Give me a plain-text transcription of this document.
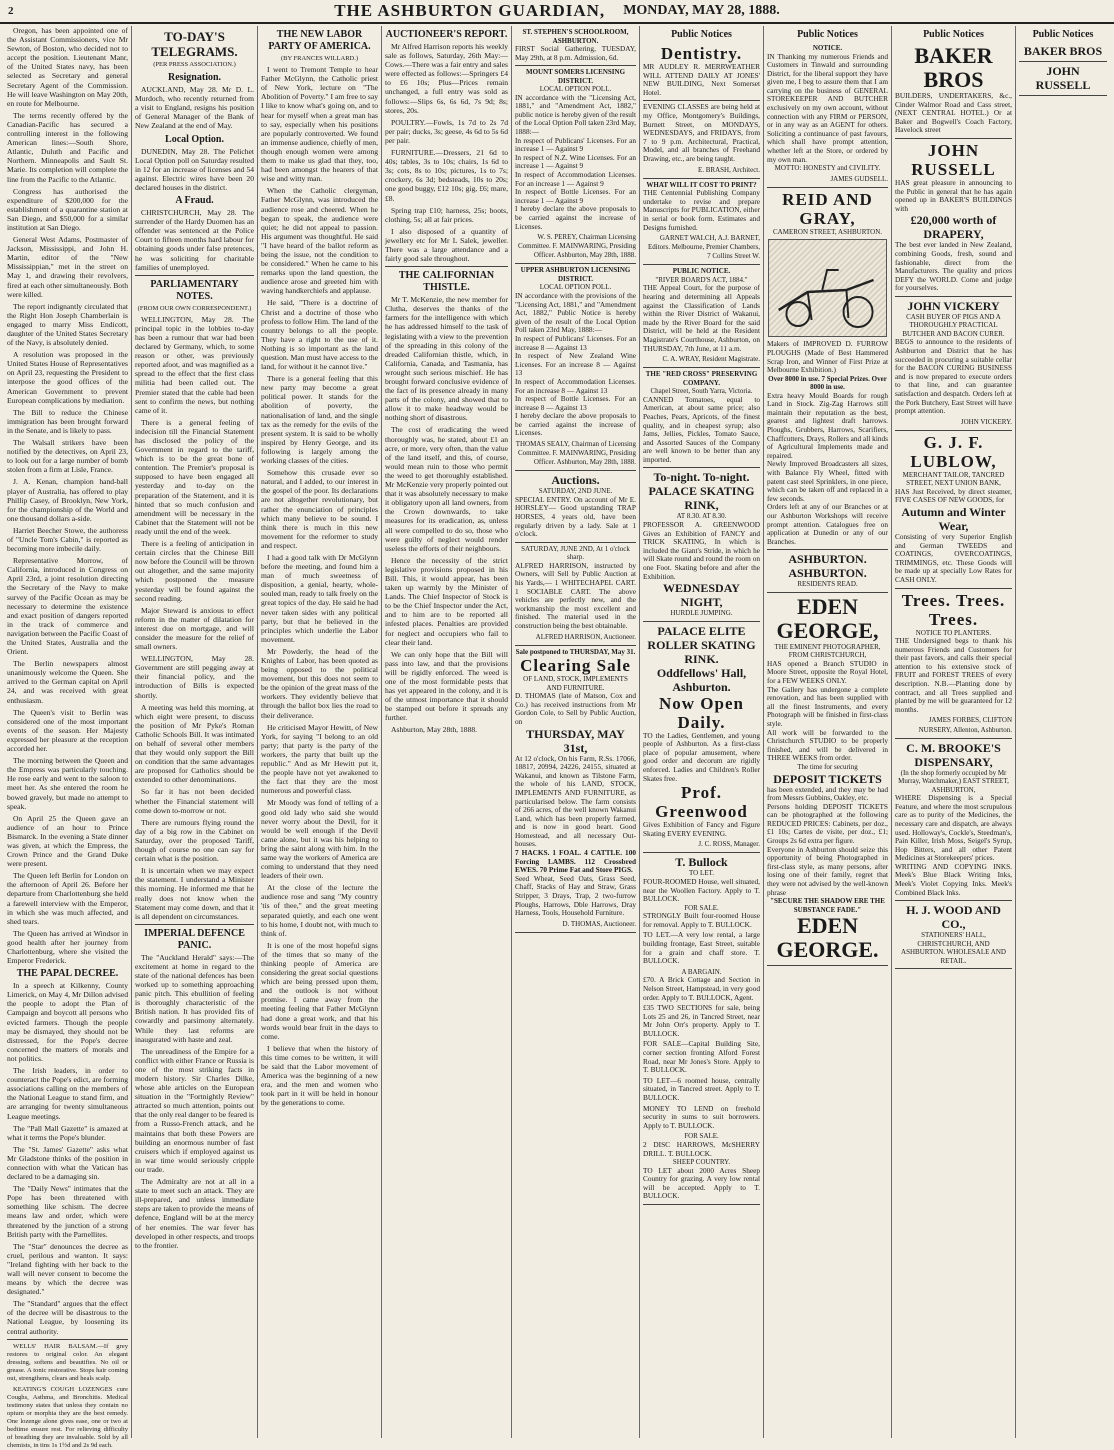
2	THE ASHBURTON GUARDIAN, MONDAY, MAY 28, 1888.

Oregon, has been appointed one of the Assistant Commissioners, vice Mr Sewton, of Boston, who decided not to accept the position. Lieutenant Manr, of the United States navy, has been selected as Secretary and general Secretary Agent of the Commission. He will leave Washington on May 20th, en route for Melbourne.

The terms recently offered by the Canadian-Pacific has secured a controlling interest in the following American lines:—South Shore, Atlantic, Duluth and Pacific and Northern. Minneapolis and Sault St. Marie. Its completion will complete the line from the Pacific to the Atlantic.

Congress has authorised the expenditure of $200,000 for the establishment of a quarantine station at San Diego, and $50,000 for a similar institution at San Diego.

General West Adams, Postmaster of Jackson, Mississippi, and John H. Martin, editor of the "New Mississippian," met in the street on May 1, and drawing their revolvers, fired at each other simultaneously. Both were killed.

The report indignantly circulated that the Right Hon Joseph Chamberlain is engaged to marry Miss Endicott, daughter of the United States Secretary of the Navy, is absolutely denied.

A resolution was proposed in the United States House of Representatives on April 23, requesting the President to interpose the good offices of the American Government to prevent European complications by mediation.

The Bill to reduce the Chinese immigration has been brought forward in the Senate, and is likely to pass.

The Walsall strikers have been notified by the detectives, on April 23, to look out for a large number of bomb stolen from a firm at Lisle, France.

J. A. Kenan, champion hand-ball player of Australia, has offered to play Phillip Casey, of Brooklyn, New York, for the championship of the World and one thousand dollars a-side.

Harriet Beecher Stowe, the authoress of "Uncle Tom's Cabin," is reported as becoming more imbecile daily.

Representative Morrow, of California, introduced in Congress on April 23rd, a joint resolution directing the Secretary of the Navy to make survey of the Pacific Ocean as may be necessary to determine the existence and exact position of dangers reported in the track of commerce and navigation between the Pacific Coast of the United States, Australia and the Orient.

The Berlin newspapers almost unanimously welcome the Queen. She arrived to the German capital on April 24, and was received with great enthusiasm.

The Queen's visit to Berlin was considered one of the most important events of the season. Her Majesty expressed her pleasure at the reception accorded her.

The morning between the Queen and the Empress was particularly touching. He rose early and went to the saloon to meet her. As she entered the room he bowed gravely, but made no attempt to speak.

On April 25 the Queen gave an audience of an hour to Prince Bismarck. In the evening a State dinner was given, at which the Empress, the Crown Prince and the Grand Duke were present.

The Queen left Berlin for London on the afternoon of April 26. Before her departure from Charlottenburg she held a farewell interview with the Emperor, in which she was much affected, and shed tears.

The Queen has arrived at Windsor in good health after her journey from Charlottenburg, where she visited the Emperor Frederick.

THE PAPAL DECREE.

In a speech at Kilkenny, County Limerick, on May 4, Mr Dillon advised the people to adopt the Plan of Campaign and boycott all persons who evicted farmers. Though the people may be dismayed, they should not be distressed, for the Pope's decree concerned the matters of morals and not politics.

The Irish leaders, in order to counteract the Pope's edict, are forming associations calling on the members of the National League to stand firm, and are arranging for twenty simultaneous League meetings.

The "Pall Mall Gazette" is amazed at what it terms the Pope's blunder.

The "St. James' Gazette" asks what Mr Gladstone thinks of the position in connection with what the Vatican has declared to be a damaging sin.

The "Daily News" intimates that the Pope has been threatened with something like schism. The decree means law and order, which were threatened by the junction of a strong British party with the Parnellites.

The "Star" denounces the decree as cruel, perilous and wanton. It says: "Ireland fighting with her back to the wall will never consent to become the means by which the decree was designated."

The "Standard" argues that the effect of the decree will be disastrous to the National League, by loosening its central authority.

WELLS' HAIR BALSAM.—If grey restores to original color. An elegant dressing, softens and beautifies. No oil or grease. A tonic restorative. Stops hair coming out, strengthens, clears and heals scalp.

KEATING'S COUGH LOZENGES cure Coughs, Asthma, and Bronchitis. Medical testimony states that unless they contain no opium or morphia they are the best remedy. One lozenge alone gives ease, one or two at bedtime ensure rest. For relieving difficulty of breathing they are invaluable. Sold by all chemists, in tins 1s 1½d and 2s 9d each.

TO-DAY'S TELEGRAMS.
(PER PRESS ASSOCIATION.)
Resignation.

AUCKLAND, May 28. Mr D. L. Murdoch, who recently returned from a visit to England, resigns his position of General Manager of the Bank of New Zealand at the end of May.

Local Option.

DUNEDIN, May 28. The Pelichet Local Option poll on Saturday resulted in 12 for an increase of licenses and 54 against. Electric wires have been 20 declared houses in the district.

A Fraud.

CHRISTCHURCH, May 28. The surrender of the Hardy Duomen has an offender was sentenced at the Police Court to fifteen months hard labour for obtaining goods under false pretences, he was soliciting for charitable families of unemployed.

PARLIAMENTARY NOTES.
(FROM OUR OWN CORRESPONDENT.)

WELLINGTON, May 28. The principal topic in the lobbies to-day has been a rumour that war had been declared by Germany, which, to some reason or other, was previously reported afoot, and was magnified as a spread to the effect that the first class militia had been called out. The Premier stated that the cable had been sent to confirm the news, but nothing came of it.

There is a general feeling of indecision till the Financial Statement has disclosed the policy of the Government in regard to the tariff, which is to be the great bone of contention. The Premier's proposal is supposed to have been engaged all yesterday and to-day on the preparation of the Statement, and it is hinted that so much confusion and amendment will be necessary in the Cabinet that the Statement will not be ready until the end of the week.

There is a feeling of anticipation in certain circles that the Chinese Bill now before the Council will be thrown out altogether, and the same majority which postponed the measure yesterday will be found against the second reading.

Major Steward is anxious to effect reform in the matter of dilatation for interest due on mortgage, and will consider the measure for the relief of small owners.

WELLINGTON, May 28. Government are still pegging away at their financial policy, and the introduction of Bills is expected shortly.

A meeting was held this morning, at which eight were present, to discuss the position of Mr Pyke's Roman Catholic Schools Bill. It was intimated on behalf of several other members that they would only support the Bill on condition that the same advantages are proposed for Catholics should be extended to other denominations.

So far it has not been decided whether the Financial statement will come down to-morrow or not.

There are rumours flying round the day of a big row in the Cabinet on Saturday, over the proposed Tariff, though of course no one can say for certain what is the position.

It is uncertain when we may expect the statement. I understand a Minister this morning. He informed me that he really does not know when the Statement may come down, and that it is all dependent on circumstances.

IMPERIAL DEFENCE PANIC.

The "Auckland Herald" says:—The excitement at home in regard to the state of the national defences has been worked up to something approaching panic pitch. This ebullition of feeling is thoroughly characteristic of the British nation. It has provided fits of cowardly and parsimony alternately. While they last reforms are inaugurated with haste and zeal.

The unreadiness of the Empire for a conflict with either France or Russia is one of the most striking facts in modern history. Sir Charles Dilke, whose able articles on the European situation in the "Fortnightly Review" attracted so much attention, points out that the only real danger to be feared is from a Russo-French attack, and he maintains that both these Powers are building an enormous number of fast cruisers which if employed against us in war time would seriously cripple our trade.

The Admiralty are not at all in a state to meet such an attack. They are ill-prepared, and unless immediate steps are taken to provide the means of defence, England will be at the mercy of her enemies. The war fever has developed in other respects, and troops to the frontier.

THE NEW LABOR PARTY OF AMERICA.
(BY FRANCES WILLARD.)

I went to Tremont Temple to hear Father McGlynn, the Catholic priest of New York, lecture on "The Abolition of Poverty." I am free to say I like to know what's going on, and to hear for myself when a great man has to say, especially when his positions are popularly controverted. We found an immense audience, chiefly of men, though enough women were among them to make us glad that they, too, had been amongst the hearers of that wise and witty man.

When the Catholic clergyman, Father McGlynn, was introduced the audience rose and cheered. When he began to speak, the audience were quiet; he did not appeal to passion. His argument was thoughtful. He said "I have heard of the ballot reform as being the issue, not the condition to be considered." When he came to his remarks upon the land question, the audience arose and greeted him with waving handkerchiefs and applause.

He said, "There is a doctrine of Christ and a doctrine of those who profess to follow Him. The land of the country belongs to all the people. They have a right to the use of it. Nothing is so important as the land question. Man must have access to the land, for without it he cannot live."

There is a general feeling that this new party may become a great political power. It stands for the abolition of poverty, the nationalisation of land, and the single tax as the remedy for the evils of the present system. It is said to be wholly inspired by Henry George, and its following is largely among the working classes of the cities.

Somehow this crusade ever so natural, and I added, to our interest in the gospel of the poor. Its declarations are not altogether revolutionary, but rather the enunciation of principles which many believe to be sound. I think there is much in this new movement for the reformer to study and respect.

I had a good talk with Dr McGlynn before the meeting, and found him a man of much sweetness of disposition, a genial, hearty, whole-souled man, ready to talk freely on the great topics of the day. He said he had never taken sides with any political party, but that he believed in the principles which underlie the Labor movement.

Mr Powderly, the head of the Knights of Labor, has been quoted as being opposed to the political movement, but this does not seem to be the opinion of the great mass of the workers. They evidently believe that through the ballot box lies the road to their deliverance.

He criticised Mayor Hewitt, of New York, for saying "I belong to an old party; that party is the party of the workers, the party that built up the republic." And as Mr Hewitt put it, the people have not yet awakened to the fact that they are the most numerous and powerful class.

Mr Moody was fond of telling of a good old lady who said she would never worry about the Devil, for it would be well enough if the Devil came alone, but it was his helping to bring the saint along with him. In the same way the workers of America are coming to understand that they need leaders of their own.

At the close of the lecture the audience rose and sang "My country 'tis of thee," and the great meeting separated quietly, and each one went to his home, I doubt not, with much to think of.

It is one of the most hopeful signs of the times that so many of the thinking people of America are considering the great social questions which are being pressed upon them, and the outlook is not without promise. I came away from the meeting feeling that Father McGlynn had done a great work, and that his words would bear fruit in the days to come.

I believe that when the history of this time comes to be written, it will be said that the Labor movement of America was the beginning of a new era, and the men and women who took part in it will be held in honour by the generations to come.

AUCTIONEER'S REPORT.

Mr Alfred Harrison reports his weekly sale as follows, Saturday, 26th May:— Cows.—There was a fair entry and sales were effected as follows:—Springers £4 to £6 10s; Plus—Prices remain unchanged, a full entry was sold as follows:—Slips 6s, 6s 6d, 7s 9d; 8s; stores, 20s.

POULTRY.—Fowls, 1s 7d to 2s 7d per pair; ducks, 3s; geese, 4s 6d to 5s 6d per pair.

FURNITURE.—Dressers, 21 6d to 40s; tables, 3s to 10s; chairs, 1s 6d to 3s; cots, 8s to 10s; pictures, 1s to 7s; crockery, 6s 3d; bedsteads, 10s to 20s; one good buggy, £12 10s; gig, £6; mare, £8.

Spring trap £10; harness, 25s; boots, clothing, 5s; all at fair prices.

I also disposed of a quantity of jewellery etc for Mr L Salek, jeweller. There was a large attendance and a fairly good sale throughout.

THE CALIFORNIAN THISTLE.

Mr T. McKenzie, the new member for Clutha, deserves the thanks of the farmers for the intelligence with which he has addressed himself to the task of legislating with a view to the prevention of the spreading in this colony of the dreaded Californian thistle, which, in California, Canada, and Tasmania, has wrought such serious mischief. He has brought forward conclusive evidence of the fact of its presence already in many parts of the colony, and showed that to allow it to make headway would be nothing short of disastrous.

The cost of eradicating the weed thoroughly was, he stated, about £1 an acre, or more, very often, than the value of the land itself, and this, of course, would mean ruin to those who permit the weed to get thoroughly established. Mr McKenzie very properly pointed out that it was absolutely necessary to make it obligatory upon all land owners, from the Crown downwards, to take measures for its eradication, as, unless all were compelled to do so, those who were guilty of neglect would render useless the efforts of their neighbours.

Hence the necessity of the strict legislative provisions proposed in his Bill. This, it would appear, has been taken up warmly by the Minister of Lands. The Chief Inspector of Stock is to be the Chief Inspector under the Act, and to him are to be reported all infested places. Penalties are provided for neglect and occupiers who fail to clear their land.

We can only hope that the Bill will pass into law, and that the provisions will be rigidly enforced. The weed is one of the most formidable pests that has yet appeared in the colony, and it is of the utmost importance that it should be stamped out before it spreads any further.

Ashburton, May 28th, 1888.

ST. STEPHEN'S SCHOOLROOM, ASHBURTON.
FIRST Social Gathering, TUESDAY, May 29th, at 8 p.m. Admission, 6d.
MOUNT SOMERS LICENSING DISTRICT.
LOCAL OPTION POLL.
IN accordance with the "Licensing Act, 1881," and "Amendment Act, 1882," public notice is hereby given of the result of the Local Option Poll taken 23rd May, 1888:—
In respect of Publicans' Licenses. For an increase 1 — Against 9
In respect of N.Z. Wine Licenses. For an increase 1 — Against 9
In respect of Accommodation Licenses. For an increase 1 — Against 9
In respect of Bottle Licenses. For an increase 1 — Against 9
I hereby declare the above proposals to be carried against the increase of Licenses.
W. S. PEREY, Chairman Licensing Committee. F. MAINWARING, Presiding Officer. Ashburton, May 28th, 1888.
UPPER ASHBURTON LICENSING DISTRICT.
LOCAL OPTION POLL.
IN accordance with the provisions of the "Licensing Act, 1881," and "Amendment Act, 1882," Public Notice is hereby given of the result of the Local Option Poll taken 23rd May, 1888:—
In respect of Publicans' Licenses. For an increase 8 — Against 13
In respect of New Zealand Wine Licenses. For an increase 8 — Against 13
In respect of Accommodation Licenses. For an increase 8 — Against 13
In respect of Bottle Licenses. For an increase 8 — Against 13
I hereby declare the above proposals to be carried against the increase of Licenses.
THOMAS SEALY, Chairman of Licensing Committee. F. MAINWARING, Presiding Officer. Ashburton, May 28th, 1888.
Auctions.
SATURDAY, 2ND JUNE.
SPECIAL ENTRY. On account of Mr E. HORSLEY— Good upstanding TRAP HORSES, 4 years old, have been regularly driven by a lady. Sale at 1 o'clock.
SATURDAY, JUNE 2ND, At 1 o'clock sharp.
ALFRED HARRISON, instructed by Owners, will Sell by Public Auction at his Yards,— 1 WHITECHAPEL CART. 1 SOCIABLE CART. The above vehicles are perfectly new, and the workmanship the most excellent and finished. The material used in the construction being the best obtainable.
ALFRED HARRISON, Auctioneer.
Sale postponed to THURSDAY, May 31.
Clearing Sale
OF LAND, STOCK, IMPLEMENTS AND FURNITURE.
D. THOMAS (late of Matson, Cox and Co.) has received instructions from Mr Gordon Cole, to Sell by Public Auction, on
THURSDAY, MAY 31st,
At 12 o'clock, On his Farm, R.Ss. 17066, 18817, 20994, 24226, 24155, situated at Wakanui, and known as Tilstone Farm, the whole of his LAND, STOCK, IMPLEMENTS AND FURNITURE, as particularised below. The farm consists of 266 acres, of the well known Wakanui Land, which has been properly farmed, and is now in good heart. Good Homestead, and all necessary Out-houses.
7 HACKS. 1 FOAL. 4 CATTLE. 100 Forcing LAMBS. 112 Crossbred EWES. 70 Prime Fat and Store PIGS.
Seed Wheat, Seed Oats, Grass Seed, Chaff, Stacks of Hay and Straw, Grass Stripper, 3 Drays, Trap, 2 two-furrow Ploughs, Harrows, Dble Harrows, Dray Harness, Tools, Household Furniture.
D. THOMAS, Auctioneer.
Public Notices
Dentistry.
MR AUDLEY R. MERRWEATHER WILL ATTEND DAILY AT JONES' NEW BUILDING, Next Somerset Hotel.
EVENING CLASSES are being held at my Office, Montgomery's Buildings, Burnett Street, on MONDAYS, WEDNESDAYS, and FRIDAYS, from 7 to 9 p.m. Architectural, Practical, Model, and all branches of Freehand Drawing, etc., are being taught.
E. BRASH, Architect.
WHAT WILL IT COST TO PRINT?
THE Centennial Publishing Company undertake to revise and prepare Manuscripts for PUBLICATION, either in serial or book form. Estimates and Designs furnished.
GARNET WALCH, A.J. BARNET, Editors. Melbourne, Premier Chambers, 7 Collins Street W.
PUBLIC NOTICE.
"RIVER BOARD'S ACT, 1884."
THE Appeal Court, for the purpose of hearing and determining all Appeals against the Classification of Lands within the River District of Wakanui, made by the River Board for the said District, will be held at the Resident Magistrate's Courthouse, Ashburton, on THURSDAY, 7th June, at 11 a.m.
C. A. WRAY, Resident Magistrate.
THE "RED CROSS" PRESERVING COMPANY.
Chapel Street, South Yarra, Victoria.
CANNED Tomatoes, equal to American, at about same price; also Peaches, Pears, Apricots, of the finest quality, and in cheapest syrup; also Jams, Jellies, Pickles, Tomato Sauce, and Assorted Sauces of the Company are well known to be better than any imported.
To-night. To-night.
PALACE SKATING RINK,
AT 8.30. AT 8.30.
PROFESSOR A. GREENWOOD Gives an Exhibition of FANCY and TRICK SKATING, In which is included the Giant's Stride, in which he will Skate round and round the room on one Foot. Skating before and after the Exhibition.
WEDNESDAY NIGHT,
HURDLE JUMPING.
PALACE ELITE ROLLER SKATING RINK.
Oddfellows' Hall, Ashburton.
Now Open Daily.
TO the Ladies, Gentlemen, and young people of Ashburton. As a first-class place of popular amusement, where good order and decorum are rigidly enforced. Ladies and Children's Roller Skates free.
Prof. Greenwood
Gives Exhibition of Fancy and Figure Skating EVERY EVENING.
J. C. ROSS, Manager.
T. Bullock
TO LET.
FOUR-ROOMED House, well situated, near the Woollen Factory. Apply to T. BULLOCK.
FOR SALE.
STRONGLY Built four-roomed House for removal. Apply to T. BULLOCK.
TO LET.—A very low rental, a large building frontage, East Street, suitable for a grain and chaff store. T. BULLOCK.
A BARGAIN.
£70. A Brick Cottage and Section in Nelson Street, Hampstead, in very good order. Apply to T. BULLOCK, Agent.
£35 TWO SECTIONS for sale, being Lots 25 and 26, in Tancred Street, near Mr John Orr's property. Apply to T. BULLOCK.
FOR SALE—Capital Building Site, corner section fronting Alford Forest Road, near Mr Jones's Store. Apply to T. BULLOCK.
TO LET—6 roomed house, centrally situated, in Tancred street. Apply to T. BULLOCK.
MONEY TO LEND on freehold security in sums to suit borrowers. Apply to T. BULLOCK.
FOR SALE.
2 DISC HARROWS, McSHERRY DRILL. T. BULLOCK.
SHEEP COUNTRY.
TO LET about 2000 Acres Sheep Country for grazing. A very low rental will be accepted. Apply to T. BULLOCK.
Public Notices
NOTICE.
IN Thanking my numerous Friends and Customers in Tinwald and surrounding District, for the liberal support they have given me, I beg to assure them that I am carrying on the business of GENERAL STOREKEEPER AND BUTCHER exclusively on my own account, without connection with any FIRM or PERSON, or in any way as an AGENT for others. Soliciting a continuance of past favours, which shall have prompt attention, whether left at the Store, or ordered by my own man.
MOTTO: HONESTY and CIVILITY.
JAMES GUDSELL.
REID AND GRAY,
CAMERON STREET, ASHBURTON.
Makers of IMPROVED D. FURROW PLOUGHS (Made of Best Hammered Scrap Iron, and Winner of First Prize at Melbourne Exhibition.)
Over 8000 in use. 7 Special Prizes. Over 8000 in use.
Extra heavy Mould Boards for rough Land in Stock. Zig-Zag Harrows still maintain their reputation as the best, gearest and lightest draft harrows. Ploughs, Grubbers, Harrows, Scarifiers, Chaffcutters, Drays, Rollers and all kinds of Agricultural Implements made and repaired.
Newly Improved Broadcasters all sizes, with Balance Fly Wheel, fitted with patent cast steel Sprinklers, in one piece, which can be taken off and replaced in a few seconds.
Orders left at any of our Branches or at our Ashburton Workshops will receive prompt attention. Catalogues free on application at Dunedin or any of our Branches.
ASHBURTON.
ASHBURTON.
RESIDENTS READ.
EDEN GEORGE,
THE EMINENT PHOTOGRAPHER, FROM CHRISTCHURCH,
HAS opened a Branch STUDIO in Moore Street, opposite the Royal Hotel, for a FEW WEEKS ONLY.
The Gallery has undergone a complete renovation, and has been supplied with all the finest Instruments, and every Photograph will be finished in first-class style.
All work will be forwarded to the Christchurch STUDIO to be properly finished, and will be delivered in THREE WEEKS from order.
The time for securing
DEPOSIT TICKETS
has been extended, and they may be had from Messrs Gubbins, Oakley, etc.
Persons holding DEPOSIT TICKETS can be photographed at the following REDUCED PRICES: Cabinets, per doz., £1 10s; Cartes de visite, per doz., £1; Groups 2s 6d extra per figure.
Everyone in Ashburton should seize this opportunity of being Photographed in first-class style, as many persons, after losing one of their family, regret that they were not advised by the well-known phrase
"SECURE THE SHADOW ERE THE SUBSTANCE FADE."
EDEN GEORGE.
Public Notices
BAKER BROS
BUILDERS, UNDERTAKERS, &c., Cinder Walmor Road and Cass street, (NEXT CENTRAL HOTEL.) Or at Baker and Bogwell's Coach Factory, Havelock street
JOHN RUSSELL
HAS great pleasure in announcing to the Public in general that he has again opened up in BAKER'S BUILDINGS with
£20,000 worth of DRAPERY,
The best ever landed in New Zealand, combining Goods, fresh, sound and fashionable, direct from the Manufacturers. The quality and prices DEFY the WORLD. Come and judge for yourselves.
JOHN VICKERY
CASH BUYER OF PIGS AND A THOROUGHLY PRACTICAL BUTCHER AND BACON CURER.
BEGS to announce to the residents of Ashburton and District that he has succeeded in procuring a suitable cellar for the BACON CURING BUSINESS and is now prepared to execute orders to that line, and can guarantee satisfaction and despatch. Orders left at the Pork Butchery, East Street will have prompt attention.
JOHN VICKERY.
G. J. F. LUBLOW,
MERCHANT TAILOR, TANCRED STREET, NEXT UNION BANK,
HAS Just Received, by direct steamer, FIVE CASES OF NEW GOODS, for
Autumn and Winter Wear,
Consisting of very Superior English and German TWEEDS and COATINGS, OVERCOATINGS, TRIMMINGS, etc. These Goods will be made up at specially Low Rates for CASH ONLY.
Trees. Trees. Trees.
NOTICE TO PLANTERS.
THE Undersigned begs to thank his numerous Friends and Customers for their past favors, and calls their special attention to his extensive stock of FRUIT and FOREST TREES of every description. N.B.—Planting done by contract, and all Trees supplied and planted by me will be guaranteed for 12 months.
JAMES FORBES, CLIFTON NURSERY, Allenton, Ashburton.
C. M. BROOKE'S DISPENSARY,
(In the shop formerly occupied by Mr Murray, Watchmaker,) EAST STREET, ASHBURTON,
WHERE Dispensing is a Special Feature, and where the most scrupulous care as to purity of the Medicines, the necessary care and dispatch, are always used. Holloway's, Cockle's, Steedman's, Pain Killer, Irish Moss, Seigel's Syrup, Hop Bitters, and all other Patent Medicines at Storekeepers' prices.
WRITING AND COPYING INKS. Meek's Blue Black Writing Inks, Meek's Violet Copying Inks. Meek's Combined Black Inks.
H. J. WOOD AND CO.,
STATIONERS' HALL, CHRISTCHURCH, AND ASHBURTON. WHOLESALE AND RETAIL.
Public Notices
BAKER BROS
JOHN RUSSELL
